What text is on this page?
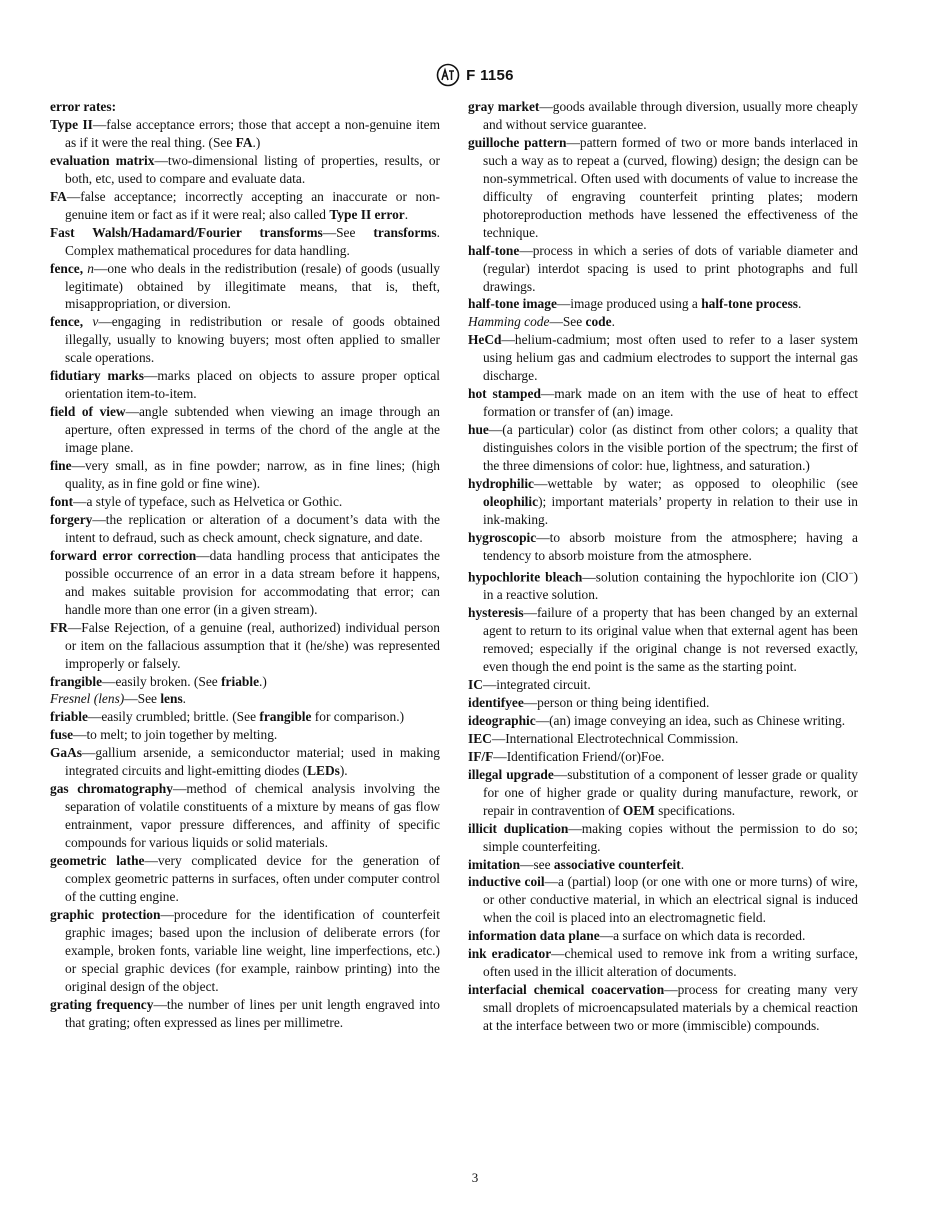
F 1156

error rates:

Type II—false acceptance errors; those that accept a non-genuine item as if it were the real thing. (See FA.)

evaluation matrix—two-dimensional listing of properties, results, or both, etc, used to compare and evaluate data.

FA—false acceptance; incorrectly accepting an inaccurate or non-genuine item or fact as if it were real; also called Type II error.

Fast Walsh/Hadamard/Fourier transforms—See transforms. Complex mathematical procedures for data handling.

fence, n—one who deals in the redistribution (resale) of goods (usually legitimate) obtained by illegitimate means, that is, theft, misappropriation, or diversion.

fence, v—engaging in redistribution or resale of goods obtained illegally, usually to knowing buyers; most often applied to smaller scale operations.

fidutiary marks—marks placed on objects to assure proper optical orientation item-to-item.

field of view—angle subtended when viewing an image through an aperture, often expressed in terms of the chord of the angle at the image plane.

fine—very small, as in fine powder; narrow, as in fine lines; (high quality, as in fine gold or fine wine).

font—a style of typeface, such as Helvetica or Gothic.

forgery—the replication or alteration of a document’s data with the intent to defraud, such as check amount, check signature, and date.

forward error correction—data handling process that anticipates the possible occurrence of an error in a data stream before it happens, and makes suitable provision for accommodating that error; can handle more than one error (in a given stream).

FR—False Rejection, of a genuine (real, authorized) individual person or item on the fallacious assumption that it (he/she) was represented improperly or falsely.

frangible—easily broken. (See friable.)

Fresnel (lens)—See lens.

friable—easily crumbled; brittle. (See frangible for comparison.)

fuse—to melt; to join together by melting.

GaAs—gallium arsenide, a semiconductor material; used in making integrated circuits and light-emitting diodes (LEDs).

gas chromatography—method of chemical analysis involving the separation of volatile constituents of a mixture by means of gas flow entrainment, vapor pressure differences, and affinity of specific compounds for various liquids or solid materials.

geometric lathe—very complicated device for the generation of complex geometric patterns in surfaces, often under computer control of the cutting engine.

graphic protection—procedure for the identification of counterfeit graphic images; based upon the inclusion of deliberate errors (for example, broken fonts, variable line weight, line imperfections, etc.) or special graphic devices (for example, rainbow printing) into the original design of the object.

grating frequency—the number of lines per unit length engraved into that grating; often expressed as lines per millimetre.

gray market—goods available through diversion, usually more cheaply and without service guarantee.

guilloche pattern—pattern formed of two or more bands interlaced in such a way as to repeat a (curved, flowing) design; the design can be non-symmetrical. Often used with documents of value to increase the difficulty of engraving counterfeit printing plates; modern photoreproduction methods have lessened the effectiveness of the technique.

half-tone—process in which a series of dots of variable diameter and (regular) interdot spacing is used to print photographs and full drawings.

half-tone image—image produced using a half-tone process.

Hamming code—See code.

HeCd—helium-cadmium; most often used to refer to a laser system using helium gas and cadmium electrodes to support the internal gas discharge.

hot stamped—mark made on an item with the use of heat to effect formation or transfer of (an) image.

hue—(a particular) color (as distinct from other colors; a quality that distinguishes colors in the visible portion of the spectrum; the first of the three dimensions of color: hue, lightness, and saturation.)

hydrophilic—wettable by water; as opposed to oleophilic (see oleophilic); important materials’ property in relation to their use in ink-making.

hygroscopic—to absorb moisture from the atmosphere; having a tendency to absorb moisture from the atmosphere.

hypochlorite bleach—solution containing the hypochlorite ion (ClO−) in a reactive solution.

hysteresis—failure of a property that has been changed by an external agent to return to its original value when that external agent has been removed; especially if the original change is not reversed exactly, even though the end point is the same as the starting point.

IC—integrated circuit.

identifyee—person or thing being identified.

ideographic—(an) image conveying an idea, such as Chinese writing.

IEC—International Electrotechnical Commission.

IF/F—Identification Friend/(or)Foe.

illegal upgrade—substitution of a component of lesser grade or quality for one of higher grade or quality during manufacture, rework, or repair in contravention of OEM specifications.

illicit duplication—making copies without the permission to do so; simple counterfeiting.

imitation—see associative counterfeit.

inductive coil—a (partial) loop (or one with one or more turns) of wire, or other conductive material, in which an electrical signal is induced when the coil is placed into an electromagnetic field.

information data plane—a surface on which data is recorded.

ink eradicator—chemical used to remove ink from a writing surface, often used in the illicit alteration of documents.

interfacial chemical coacervation—process for creating many very small droplets of microencapsulated materials by a chemical reaction at the interface between two or more (immiscible) compounds.

3
